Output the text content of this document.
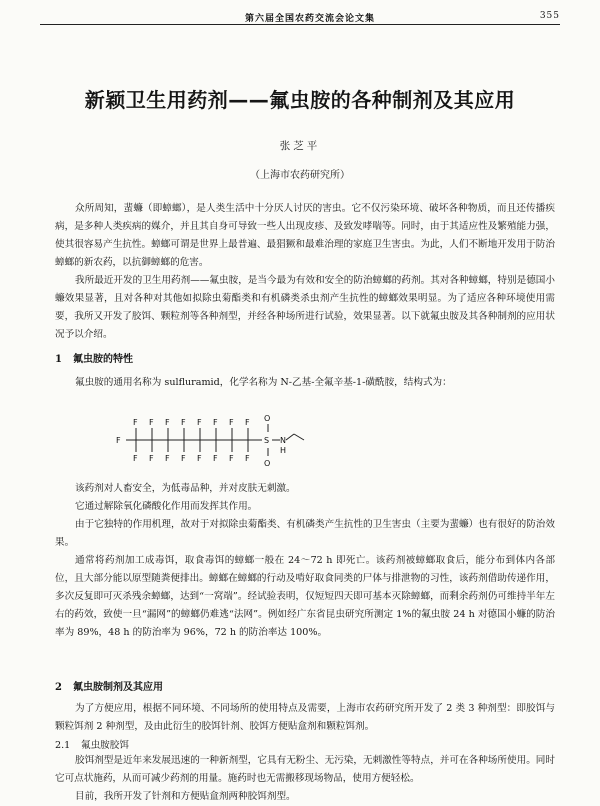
第六届全国农药交流会论文集	355
新颖卫生用药剂——氟虫胺的各种制剂及其应用
张芝平
（上海市农药研究所）

众所周知，蜚蠊（即蟑螂），是人类生活中十分厌人讨厌的害虫。它不仅污染环境、破坏各种物质，而且还传播疾病，是多种人类疾病的媒介，并且其自身可导致一些人出现皮疹、及致发哮喘等。同时，由于其适应性及繁殖能力强，使其很容易产生抗性。蟑螂可谓是世界上最普遍、最猖獗和最难治理的家庭卫生害虫。为此，人们不断地开发用于防治蟑螂的新农药，以抗御蟑螂的危害。

我所最近开发的卫生用药剂——氟虫胺，是当今最为有效和安全的防治蟑螂的药剂。其对各种蟑螂，特别是德国小蠊效果显著，且对各种对其他如拟除虫菊酯类和有机磷类杀虫剂产生抗性的蟑螂效果明显。为了适应各种环境使用需要，我所又开发了胶饵、颗粒剂等各种剂型，并经各种场所进行试验，效果显著。以下就氟虫胺及其各种制剂的应用状况予以介绍。

1 氟虫胺的特性

氟虫胺的通用名称为 sulfluramid，化学名称为 N-乙基-全氟辛基-1-磺酰胺，结构式为：

F
F
F
F
F
F
F
F
F
F
F
F
F
F
F
F
F
S
O
O
N
H

该药剂对人畜安全，为低毒品种，并对皮肤无刺激。

它通过解除氧化磷酸化作用而发挥其作用。

由于它独特的作用机理，故对于对拟除虫菊酯类、有机磷类产生抗性的卫生害虫（主要为蜚蠊）也有很好的防治效果。

通常将药剂加工成毒饵，取食毒饵的蟑螂一般在 24～72 h 即死亡。该药剂被蟑螂取食后，能分布到体内各部位，且大部分能以原型随粪便排出。蟑螂在蟑螂的行动及啃好取食同类的尸体与排泄物的习性，该药剂借助传递作用，多次反复即可灭杀残余蟑螂，达到“一窝端”。经试验表明，仅短短四天即可基本灭除蟑螂，而剩余药剂仍可维持半年左右的药效，致使一旦“漏网”的蟑螂仍难逃“法网”。例如经广东省昆虫研究所测定 1%的氟虫胺 24 h 对德国小蠊的防治率为 89%，48 h 的防治率为 96%，72 h 的防治率达 100%。

2 氟虫胺制剂及其应用

为了方便应用，根据不同环境、不同场所的使用特点及需要，上海市农药研究所开发了 2 类 3 种剂型：即胶饵与颗粒饵剂 2 种剂型，及由此衍生的胶饵针剂、胶饵方便贴盒剂和颗粒饵剂。

2.1 氟虫胺胶饵

胶饵剂型是近年来发展迅速的一种新剂型，它具有无粉尘、无污染，无刺激性等特点，并可在各种场所使用。同时它可点状施药，从而可减少药剂的用量。施药时也无需搬移现场物品，使用方便轻松。

目前，我所开发了针剂和方便贴盒剂两种胶饵剂型。
